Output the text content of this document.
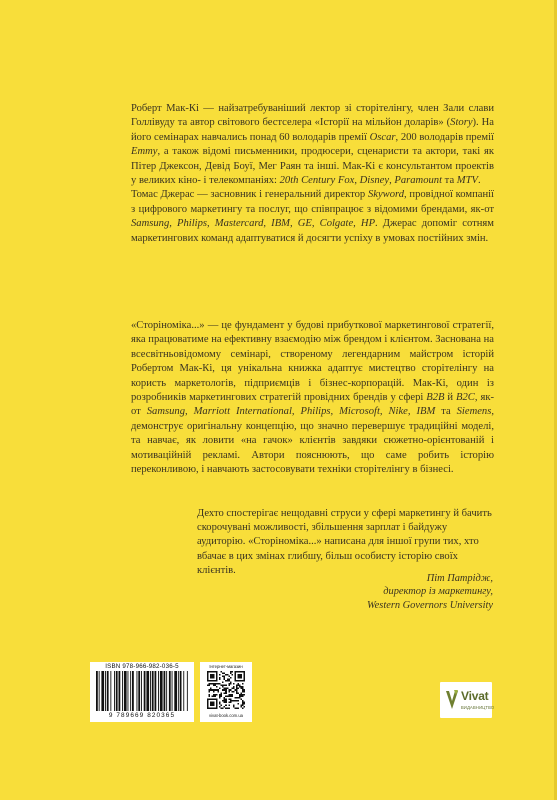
Роберт Мак-Кі — найзатребуваніший лектор зі сторітелінгу, член Зали слави Голлівуду та автор світового бестселера «Історії на мільйон доларів» (Story). На його семінарах навчались понад 60 володарів премії Oscar, 200 володарів премії Emmy, а також відомі письменники, продюсери, сценаристи та актори, такі як Пітер Джексон, Девід Боуї, Мег Раян та інші. Мак-Кі є консультантом проектів у великих кіно- і телекомпаніях: 20th Century Fox, Disney, Paramount та MTV.

Томас Джерас — засновник і генеральний директор Skyword, провідної компанії з цифрового маркетингу та послуг, що співпрацює з відомими брендами, як-от Samsung, Philips, Mastercard, IBM, GE, Colgate, HP. Джерас допоміг сотням маркетингових команд адаптуватися й досягти успіху в умовах постійних змін.

«Сторіноміка...» — це фундамент у будові прибуткової маркетингової стратегії, яка працюватиме на ефективну взаємодію між брендом і клієнтом. Заснована на всесвітньовідомому семінарі, створеному легендарним майстром історій Робертом Мак-Кі, ця унікальна книжка адаптує мистецтво сторітелінгу на користь маркетологів, підприємців і бізнес-корпорацій. Мак-Кі, один із розробників маркетингових стратегій провідних брендів у сфері B2B й B2C, як-от Samsung, Marriott International, Philips, Microsoft, Nike, IBM та Siemens, демонструє оригінальну концепцію, що значно перевершує традиційні моделі, та навчає, як ловити «на гачок» клієнтів завдяки сюжетно-орієнтованій і мотиваційній рекламі. Автори пояснюють, що саме робить історію переконливою, і навчають застосовувати техніки сторітелінгу в бізнесі.

Дехто спостерігає нещодавні струси у сфері маркетингу й бачить скорочувані можливості, збільшення зарплат і байдужу аудиторію. «Сторіноміка...» написана для іншої групи тих, хто вбачає в цих змінах глибшу, більш особисту історію своїх клієнтів.

Піт Патрідж,
директор із маркетингу,
Western Governors University
ISBN 978-966-982-036-5
9 789669 820365
Інтернет-магазин
vivat-book.com.ua
Vivat
ВИДАВНИЦТВО
